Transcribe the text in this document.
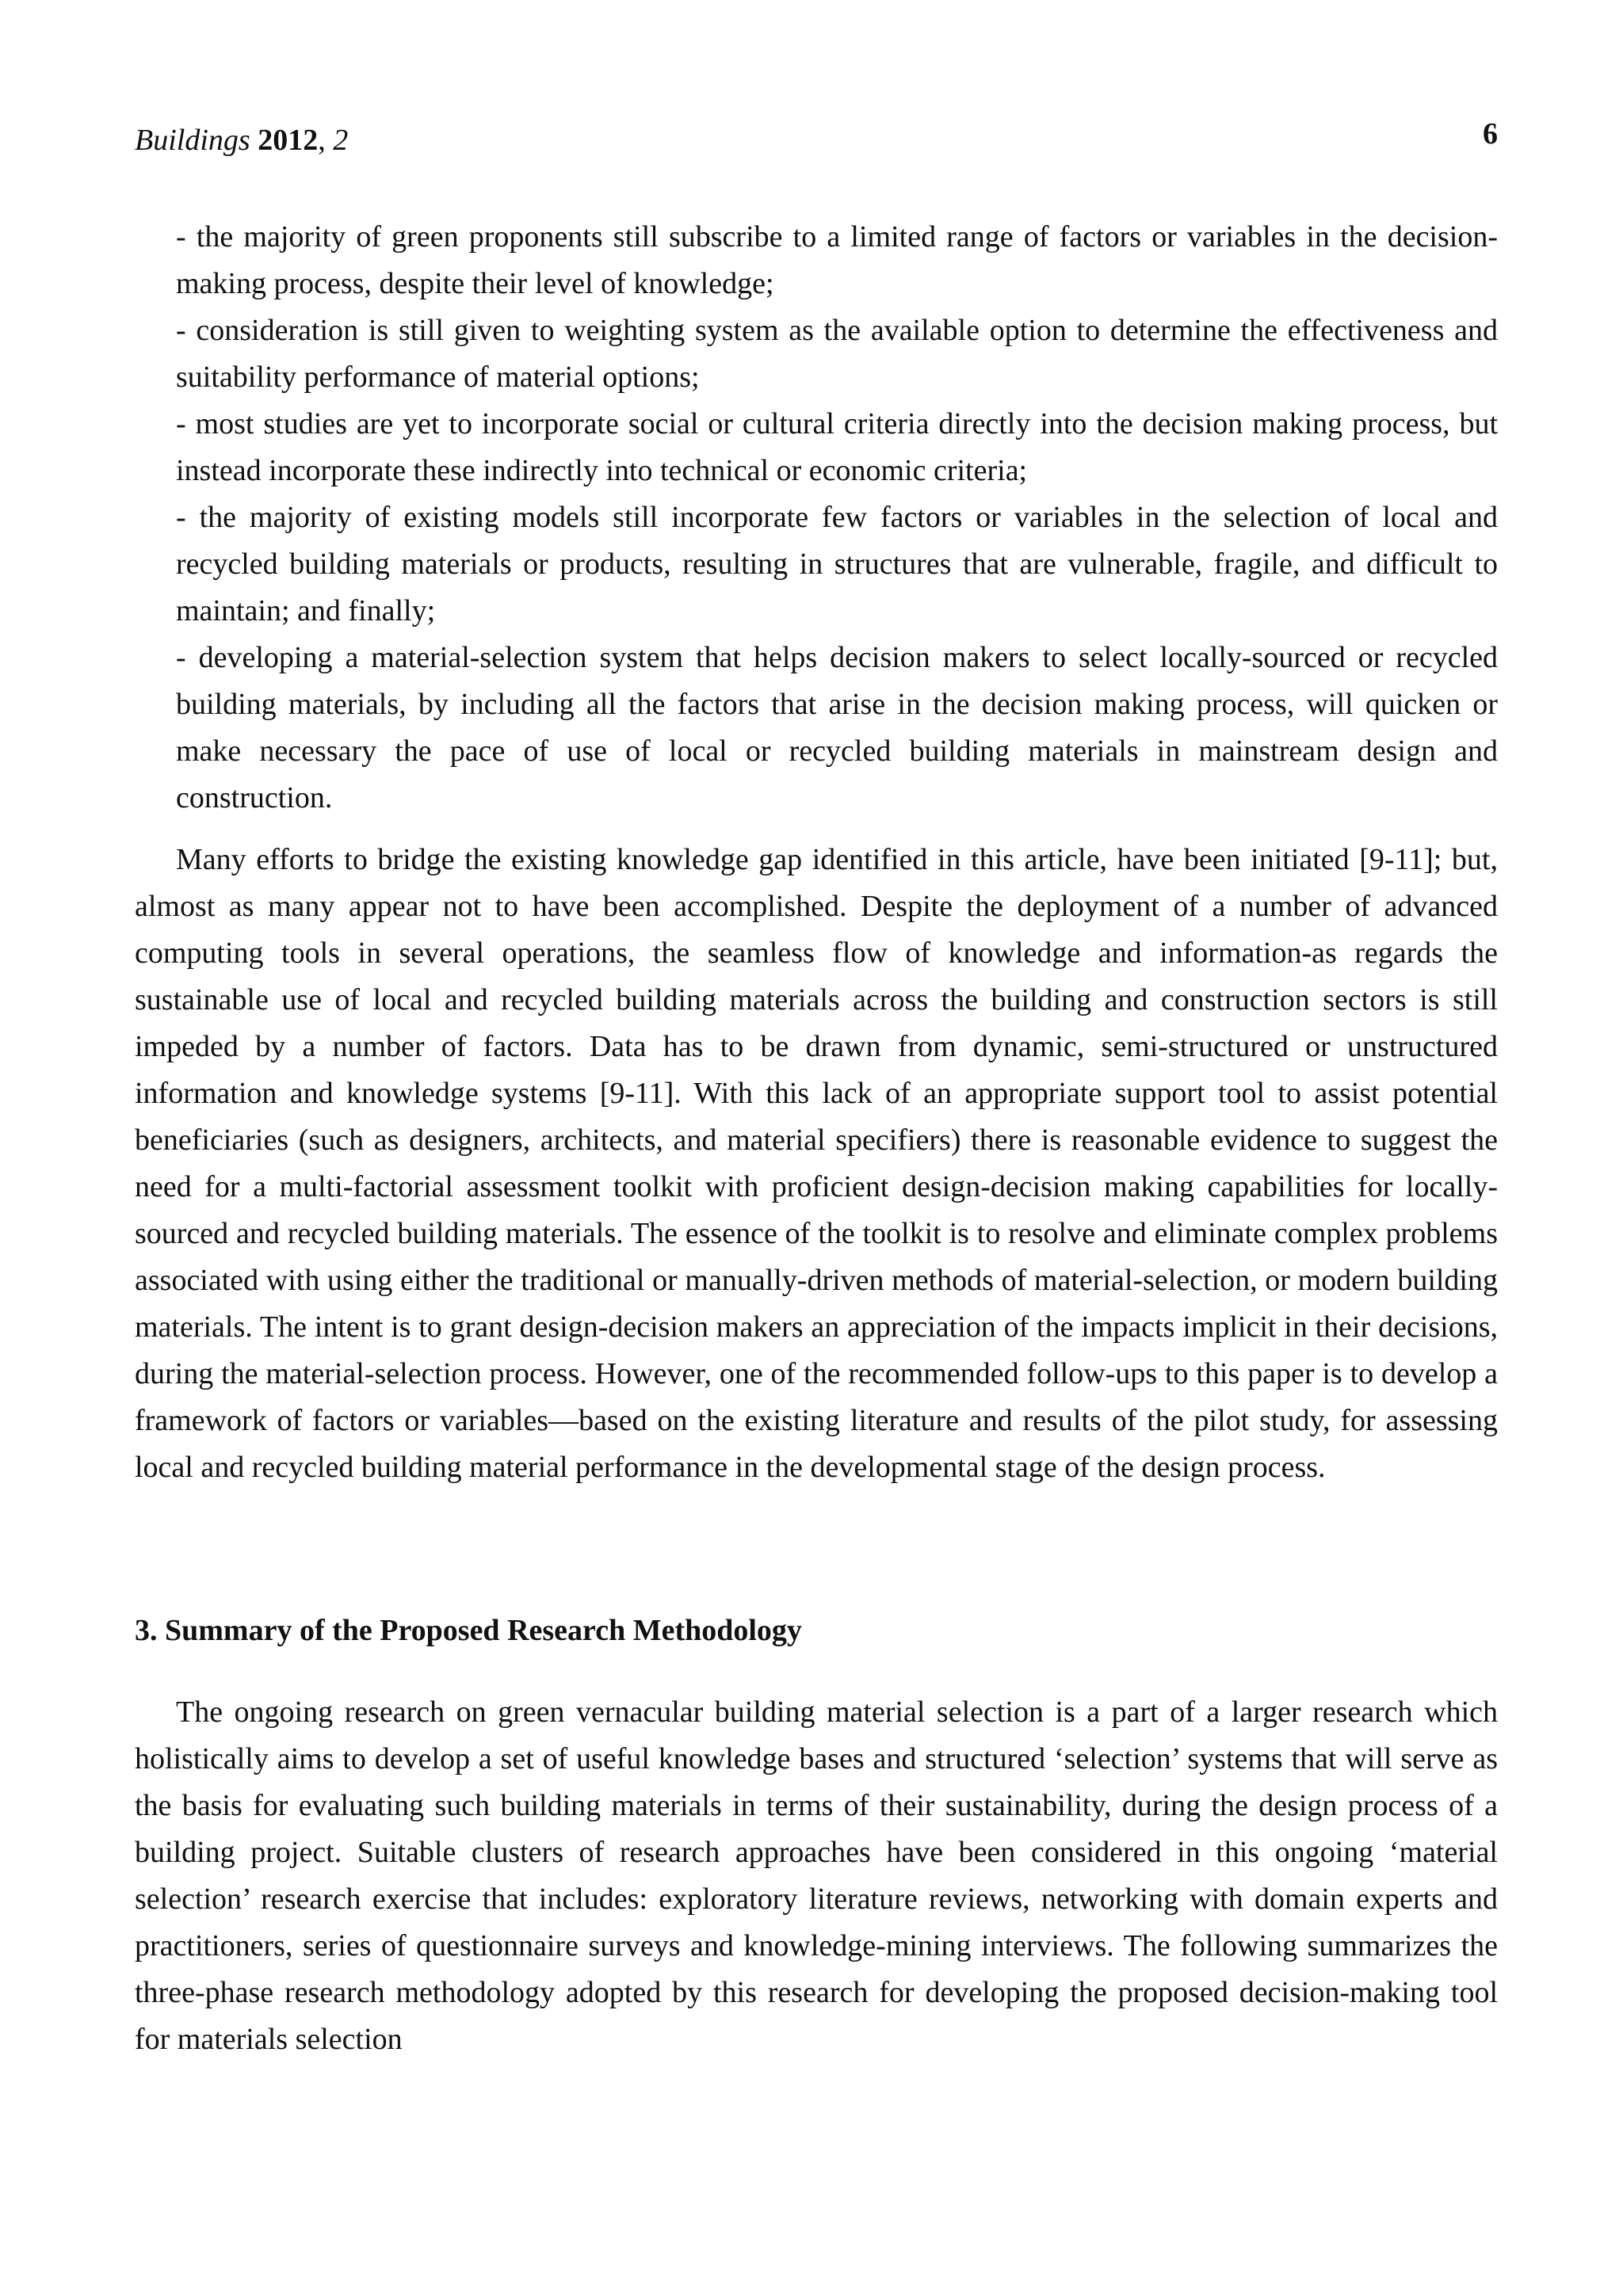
Buildings 2012, 2	6

- the majority of green proponents still subscribe to a limited range of factors or variables in the decision-making process, despite their level of knowledge;

- consideration is still given to weighting system as the available option to determine the effectiveness and suitability performance of material options;

- most studies are yet to incorporate social or cultural criteria directly into the decision making process, but instead incorporate these indirectly into technical or economic criteria;

- the majority of existing models still incorporate few factors or variables in the selection of local and recycled building materials or products, resulting in structures that are vulnerable, fragile, and difficult to maintain; and finally;

- developing a material-selection system that helps decision makers to select locally-sourced or recycled building materials, by including all the factors that arise in the decision making process, will quicken or make necessary the pace of use of local or recycled building materials in mainstream design and construction.

Many efforts to bridge the existing knowledge gap identified in this article, have been initiated [9-11]; but, almost as many appear not to have been accomplished. Despite the deployment of a number of advanced computing tools in several operations, the seamless flow of knowledge and information-as regards the sustainable use of local and recycled building materials across the building and construction sectors is still impeded by a number of factors. Data has to be drawn from dynamic, semi-structured or unstructured information and knowledge systems [9-11]. With this lack of an appropriate support tool to assist potential beneficiaries (such as designers, architects, and material specifiers) there is reasonable evidence to suggest the need for a multi-factorial assessment toolkit with proficient design-decision making capabilities for locally-sourced and recycled building materials. The essence of the toolkit is to resolve and eliminate complex problems associated with using either the traditional or manually-driven methods of material-selection, or modern building materials. The intent is to grant design-decision makers an appreciation of the impacts implicit in their decisions, during the material-selection process. However, one of the recommended follow-ups to this paper is to develop a framework of factors or variables—based on the existing literature and results of the pilot study, for assessing local and recycled building material performance in the developmental stage of the design process.

3. Summary of the Proposed Research Methodology

The ongoing research on green vernacular building material selection is a part of a larger research which holistically aims to develop a set of useful knowledge bases and structured ‘selection’ systems that will serve as the basis for evaluating such building materials in terms of their sustainability, during the design process of a building project. Suitable clusters of research approaches have been considered in this ongoing ‘material selection’ research exercise that includes: exploratory literature reviews, networking with domain experts and practitioners, series of questionnaire surveys and knowledge-mining interviews. The following summarizes the three-phase research methodology adopted by this research for developing the proposed decision-making tool for materials selection
